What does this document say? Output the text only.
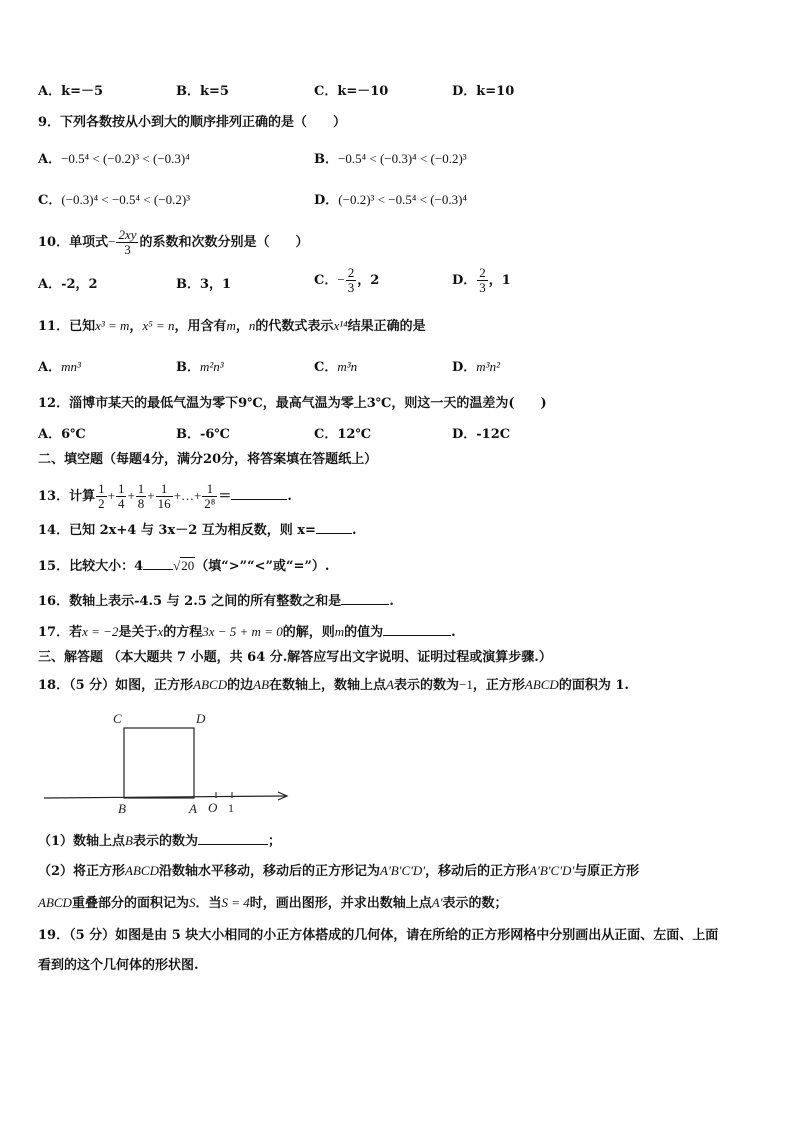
A．k=－5	B．k=5	C．k=－10	D．k=10
9．下列各数按从小到大的顺序排列正确的是（　　）
A．−0.5⁴ < (−0.2)³ < (−0.3)⁴	B．−0.5⁴ < (−0.3)⁴ < (−0.2)³
C．(−0.3)⁴ < −0.5⁴ < (−0.2)³	D．(−0.2)³ < −0.5⁴ < (−0.3)⁴
10．单项式− $\frac{2xy}{3}$ 的系数和次数分别是（　　）
A．-2，2	B．3，1	C．− $\frac{2}{3}$ ，2	D． $\frac{2}{3}$ ，1
11．已知x³ = m，x⁵ = n，用含有m，n的代数式表示x¹⁴结果正确的是
A．mn³	B．m²n³	C．m³n	D．m³n²
12．淄博市某天的最低气温为零下9℃，最高气温为零上3℃，则这一天的温差为(　　)
A．6℃	B．-6℃	C．12℃	D．-12C
二、填空题（每题4分，满分20分，将答案填在答题纸上）
13．计算 $\frac{1}{2} + \frac{1}{4} + \frac{1}{8} + \frac{1}{16}$ +…+ $\frac{1}{\text{2⁸}}$ ＝	.
14．已知 2x+4 与 3x－2 互为相反数，则 x=	.
15．比较大小：4 √20（填“>”“<”或“=”）.
16．数轴上表示-4.5 与 2.5 之间的所有整数之和是	.
17．若x = −2是关于x的方程3x − 5 + m = 0的解，则m的值为	.
三、解答题 （本大题共 7 小题，共 64 分.解答应写出文字说明、证明过程或演算步骤.）
18．（5 分）如图，正方形ABCD的边AB在数轴上，数轴上点A表示的数为−1，正方形ABCD的面积为 1.
C	D
B	A O 1
（1）数轴上点B表示的数为	；
（2）将正方形ABCD沿数轴水平移动，移动后的正方形记为A'B'C'D'，移动后的正方形A'B'C'D'与原正方形
ABCD重叠部分的面积记为S．当S = 4时，画出图形，并求出数轴上点A'表示的数；
19．（5 分）如图是由 5 块大小相同的小正方体搭成的几何体，请在所给的正方形网格中分别画出从正面、左面、上面
看到的这个几何体的形状图.
